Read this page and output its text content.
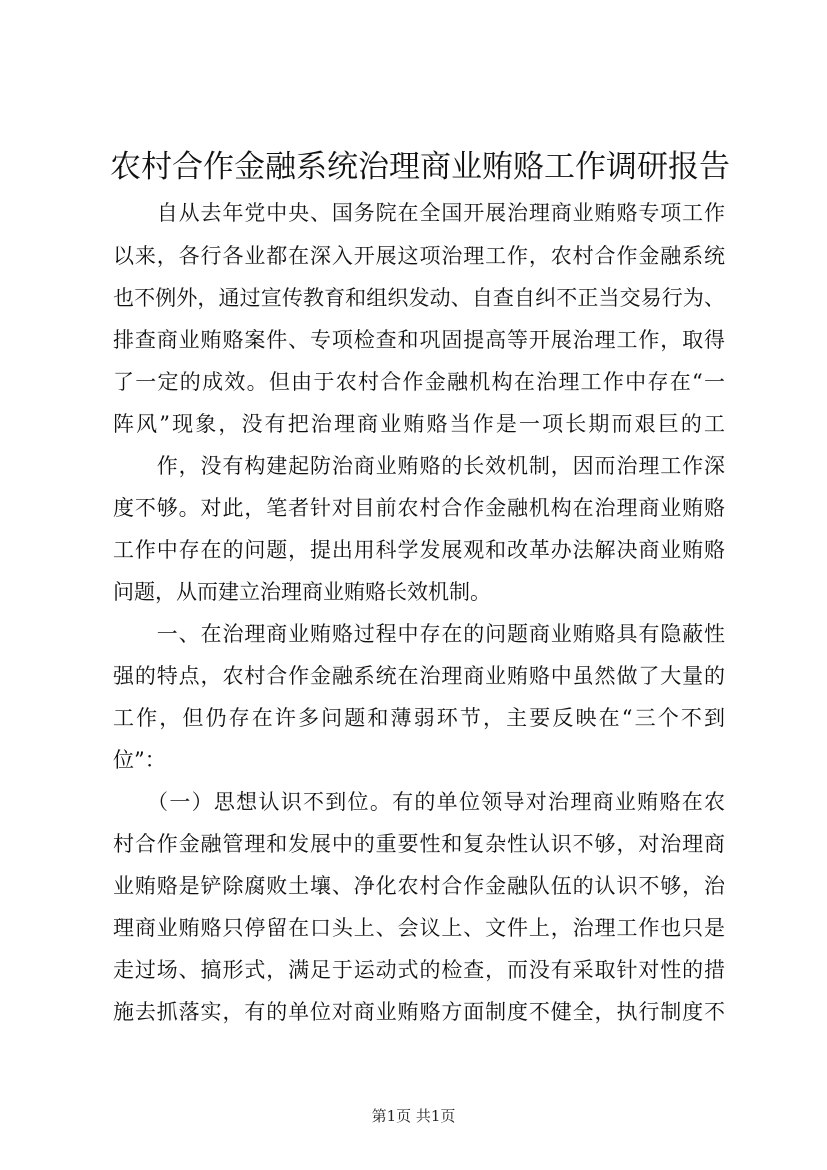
农村合作金融系统治理商业贿赂工作调研报告

　　自从去年党中央、国务院在全国开展治理商业贿赂专项工作

以来，各行各业都在深入开展这项治理工作，农村合作金融系统

也不例外，通过宣传教育和组织发动、自查自纠不正当交易行为、

排查商业贿赂案件、专项检查和巩固提高等开展治理工作，取得

了一定的成效。但由于农村合作金融机构在治理工作中存在“一

阵风”现象，没有把治理商业贿赂当作是一项长期而艰巨的工

　　作，没有构建起防治商业贿赂的长效机制，因而治理工作深

度不够。对此，笔者针对目前农村合作金融机构在治理商业贿赂

工作中存在的问题，提出用科学发展观和改革办法解决商业贿赂

问题，从而建立治理商业贿赂长效机制。

　　一、在治理商业贿赂过程中存在的问题商业贿赂具有隐蔽性

强的特点，农村合作金融系统在治理商业贿赂中虽然做了大量的

工作，但仍存在许多问题和薄弱环节，主要反映在“三个不到

位”：

　　（一）思想认识不到位。有的单位领导对治理商业贿赂在农

村合作金融管理和发展中的重要性和复杂性认识不够，对治理商

业贿赂是铲除腐败土壤、净化农村合作金融队伍的认识不够，治

理商业贿赂只停留在口头上、会议上、文件上，治理工作也只是

走过场、搞形式，满足于运动式的检查，而没有采取针对性的措

施去抓落实，有的单位对商业贿赂方面制度不健全，执行制度不

第1页 共1页
